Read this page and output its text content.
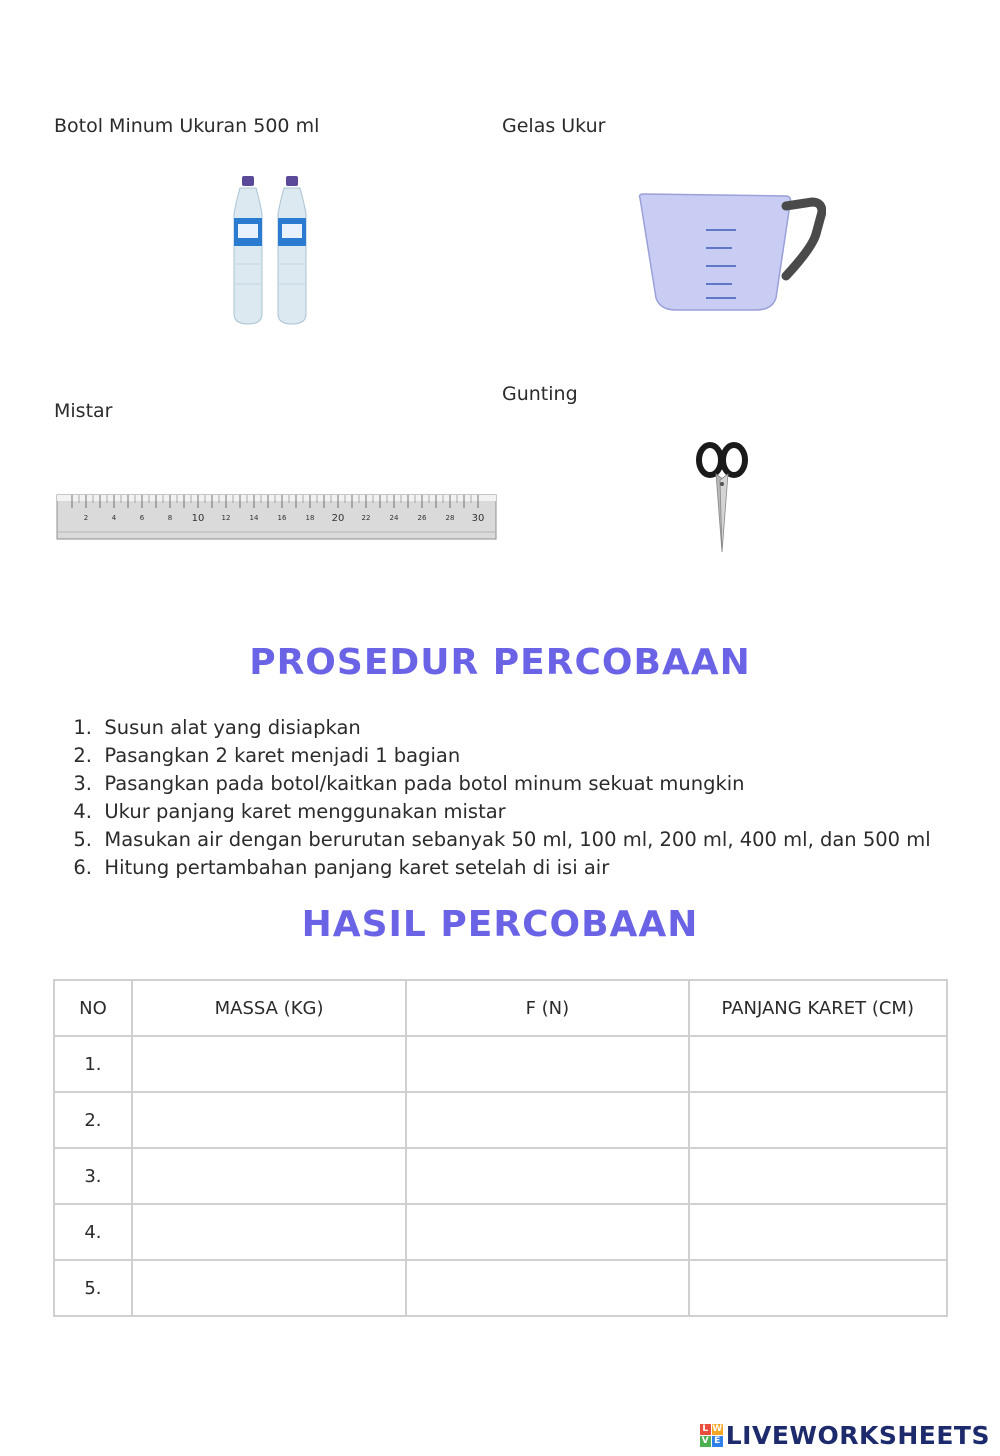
Botol Minum Ukuran 500 ml	Gelas Ukur
Mistar
Gunting
2	4	6	8 10 12	14	16	18 20 22	24	26	28 30
PROSEDUR PERCOBAAN
1. Susun alat yang disiapkan
2. Pasangkan 2 karet menjadi 1 bagian
3. Pasangkan pada botol/kaitkan pada botol minum sekuat mungkin
4. Ukur panjang karet menggunakan mistar
5. Masukan air dengan berurutan sebanyak 50 ml, 100 ml, 200 ml, 400 ml, dan 500 ml
6. Hitung pertambahan panjang karet setelah di isi air
HASIL PERCOBAAN
NO	MASSA (KG)	F (N)	PANJANG KARET (CM)
1.			
2.			
3.			
4.			
5.			
L W
V E LIVEWORKSHEETS
